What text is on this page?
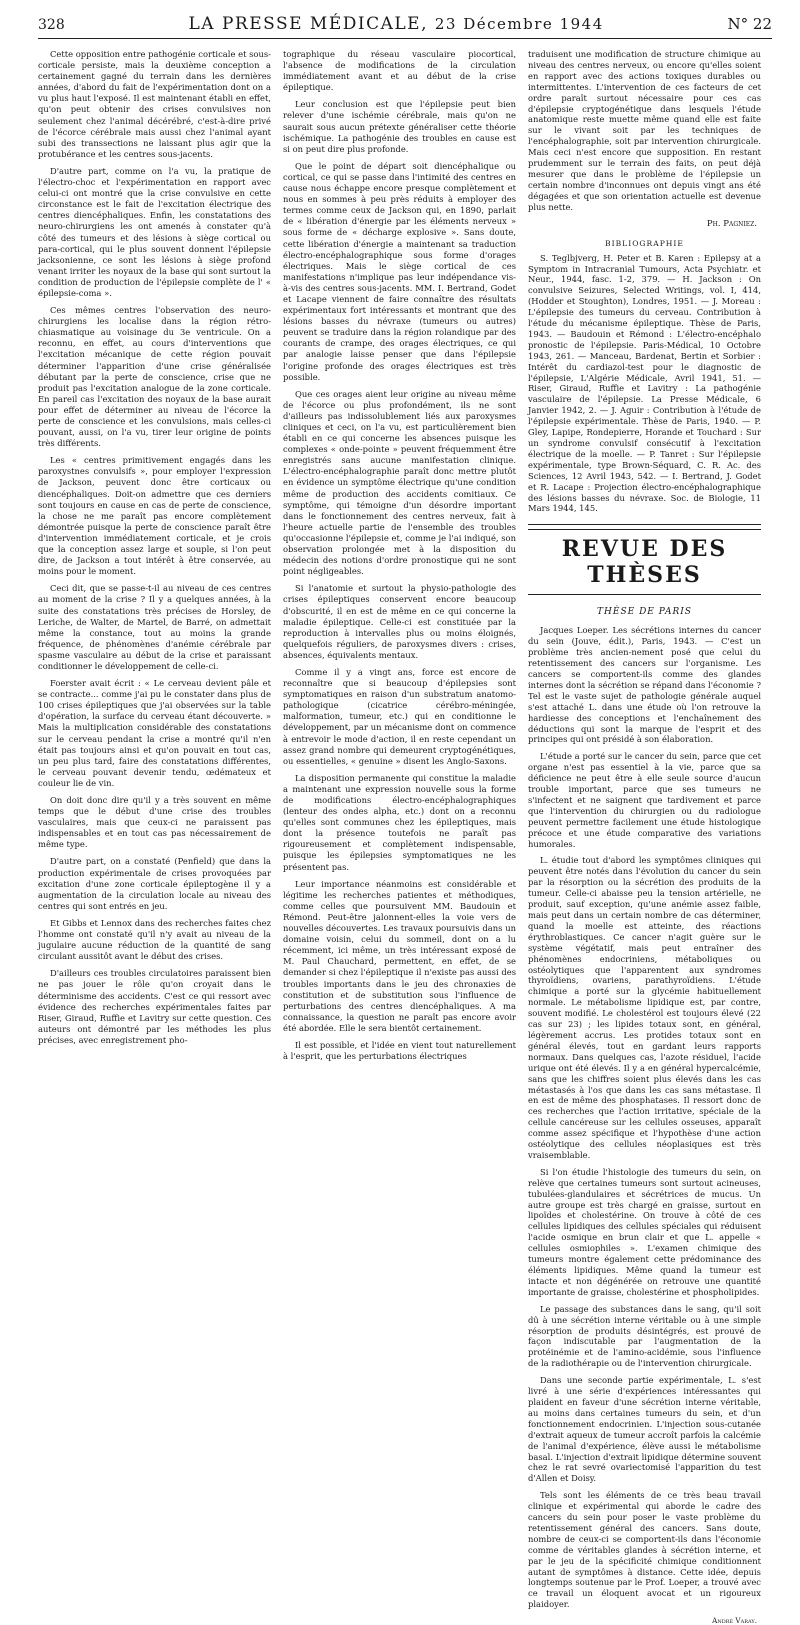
328	LA PRESSE MÉDICALE, 23 Décembre 1944	N° 22

Cette opposition entre pathogénie corticale et sous-corticale persiste, mais la deuxième conception a certainement gagné du terrain dans les dernières années, d'abord du fait de l'expérimentation dont on a vu plus haut l'exposé. Il est maintenant établi en effet, qu'on peut obtenir des crises convulsives non seulement chez l'animal décérébré, c'est-à-dire privé de l'écorce cérébrale mais aussi chez l'animal ayant subi des transsections ne laissant plus agir que la protubérance et les centres sous-jacents.

D'autre part, comme on l'a vu, la pratique de l'électro-choc et l'expérimentation en rapport avec celui-ci ont montré que la crise convulsive en cette circonstance est le fait de l'excitation électrique des centres diencéphaliques. Enfin, les constatations des neuro-chirurgiens les ont amenés à constater qu'à côté des tumeurs et des lésions à siège cortical ou para-cortical, qui le plus souvent donnent l'épilepsie jacksonienne, ce sont les lésions à siège profond venant irriter les noyaux de la base qui sont surtout la condition de production de l'épilepsie complète de l' « épilepsie-coma ».

Ces mêmes centres l'observation des neuro-chirurgiens les localise dans la région rétro-chiasmatique au voisinage du 3e ventricule. On a reconnu, en effet, au cours d'interventions que l'excitation mécanique de cette région pouvait déterminer l'apparition d'une crise généralisée débutant par la perte de conscience, crise que ne produit pas l'excitation analogue de la zone corticale. En pareil cas l'excitation des noyaux de la base aurait pour effet de déterminer au niveau de l'écorce la perte de conscience et les convulsions, mais celles-ci pouvant, aussi, on l'a vu, tirer leur origine de points très différents.

Les « centres primitivement engagés dans les paroxystnes convulsifs », pour employer l'expression de Jackson, peuvent donc être corticaux ou diencéphaliques. Doit-on admettre que ces derniers sont toujours en cause en cas de perte de conscience, la chose ne me paraît pas encore complètement démontrée puisque la perte de conscience paraît être d'intervention immédiatement corticale, et je crois que la conception assez large et souple, si l'on peut dire, de Jackson a tout intérêt à être conservée, au moins pour le moment.

Ceci dit, que se passe-t-il au niveau de ces centres au moment de la crise ? Il y a quelques années, à la suite des constatations très précises de Horsley, de Leriche, de Walter, de Martel, de Barré, on admettait même la constance, tout au moins la grande fréquence, de phénomènes d'anémie cérébrale par spasme vasculaire au début de la crise et paraissant conditionner le développement de celle-ci.

Foerster avait écrit : « Le cerveau devient pâle et se contracte... comme j'ai pu le constater dans plus de 100 crises épileptiques que j'ai observées sur la table d'opération, la surface du cerveau étant découverte. » Mais la multiplication considérable des constatations sur le cerveau pendant la crise a montré qu'il n'en était pas toujours ainsi et qu'on pouvait en tout cas, un peu plus tard, faire des constatations différentes, le cerveau pouvant devenir tendu, œdémateux et couleur lie de vin.

On doit donc dire qu'il y a très souvent en même temps que le début d'une crise des troubles vasculaires, mais que ceux-ci ne paraissent pas indispensables et en tout cas pas nécessairement de même type.

D'autre part, on a constaté (Penfield) que dans la production expérimentale de crises provoquées par excitation d'une zone corticale épileptogène il y a augmentation de la circulation locale au niveau des centres qui sont entrés en jeu.

Et Gibbs et Lennox dans des recherches faites chez l'homme ont constaté qu'il n'y avait au niveau de la jugulaire aucune réduction de la quantité de sang circulant aussitôt avant le début des crises.

D'ailleurs ces troubles circulatoires paraissent bien ne pas jouer le rôle qu'on croyait dans le déterminisme des accidents. C'est ce qui ressort avec évidence des recherches expérimentales faites par Riser, Giraud, Ruffie et Lavitry sur cette question. Ces auteurs ont démontré par les méthodes les plus précises, avec enregistrement pho-

tographique du réseau vasculaire piocortical, l'absence de modifications de la circulation immédiatement avant et au début de la crise épileptique.

Leur conclusion est que l'épilepsie peut bien relever d'une ischémie cérébrale, mais qu'on ne saurait sous aucun prétexte généraliser cette théorie ischémique. La pathogénie des troubles en cause est si on peut dire plus profonde.

Que le point de départ soit diencéphalique ou cortical, ce qui se passe dans l'intimité des centres en cause nous échappe encore presque complètement et nous en sommes à peu près réduits à employer des termes comme ceux de Jackson qui, en 1890, parlait de « libération d'énergie par les éléments nerveux » sous forme de « décharge explosive ». Sans doute, cette libération d'énergie a maintenant sa traduction électro-encéphalographique sous forme d'orages électriques. Mais le siège cortical de ces manifestations n'implique pas leur indépendance vis-à-vis des centres sous-jacents. MM. I. Bertrand, Godet et Lacape viennent de faire connaître des résultats expérimentaux fort intéressants et montrant que des lésions basses du névraxe (tumeurs ou autres) peuvent se traduire dans la région rolandique par des courants de crampe, des orages électriques, ce qui par analogie laisse penser que dans l'épilepsie l'origine profonde des orages électriques est très possible.

Que ces orages aient leur origine au niveau même de l'écorce ou plus profondément, ils ne sont d'ailleurs pas indissolublement liés aux paroxysmes cliniques et ceci, on l'a vu, est particulièrement bien établi en ce qui concerne les absences puisque les complexes « onde-pointe » peuvent fréquemment être enregistrés sans aucune manifestation clinique. L'électro-encéphalographie paraît donc mettre plutôt en évidence un symptôme électrique qu'une condition même de production des accidents comitiaux. Ce symptôme, qui témoigne d'un désordre important dans le fonctionnement des centres nerveux, fait à l'heure actuelle partie de l'ensemble des troubles qu'occasionne l'épilepsie et, comme je l'ai indiqué, son observation prolongée met à la disposition du médecin des notions d'ordre pronostique qui ne sont point négligeables.

Si l'anatomie et surtout la physio-pathologie des crises épileptiques conservent encore beaucoup d'obscurité, il en est de même en ce qui concerne la maladie épileptique. Celle-ci est constituée par la reproduction à intervalles plus ou moins éloignés, quelquefois réguliers, de paroxysmes divers : crises, absences, équivalents mentaux.

Comme il y a vingt ans, force est encore de reconnaître que si beaucoup d'épilepsies sont symptomatiques en raison d'un substratum anatomo-pathologique (cicatrice cérébro-méningée, malformation, tumeur, etc.) qui en conditionne le développement, par un mécanisme dont on commence à entrevoir le mode d'action, il en reste cependant un assez grand nombre qui demeurent cryptogénétiques, ou essentielles, « genuine » disent les Anglo-Saxons.

La disposition permanente qui constitue la maladie a maintenant une expression nouvelle sous la forme de modifications électro-encéphalographiques (lenteur des ondes alpha, etc.) dont on a reconnu qu'elles sont communes chez les épileptiques, mais dont la présence toutefois ne paraît pas rigoureusement et complètement indispensable, puisque les épilepsies symptomatiques ne les présentent pas.

Leur importance néanmoins est considérable et légitime les recherches patientes et méthodiques, comme celles que poursuivent MM. Baudouin et Rémond. Peut-être jalonnent-elles la voie vers de nouvelles découvertes. Les travaux poursuivis dans un domaine voisin, celui du sommeil, dont on a lu récemment, ici même, un très intéressant exposé de M. Paul Chauchard, permettent, en effet, de se demander si chez l'épileptique il n'existe pas aussi des troubles importants dans le jeu des chronaxies de constitution et de substitution sous l'influence de perturbations des centres diencéphaliques. A ma connaissance, la question ne paraît pas encore avoir été abordée. Elle le sera bientôt certainement.

Il est possible, et l'idée en vient tout naturellement à l'esprit, que les perturbations électriques

traduisent une modification de structure chimique au niveau des centres nerveux, ou encore qu'elles soient en rapport avec des actions toxiques durables ou intermittentes. L'intervention de ces facteurs de cet ordre paraît surtout nécessaire pour ces cas d'épilepsie cryptogénétique dans lesquels l'étude anatomique reste muette même quand elle est faite sur le vivant soit par les techniques de l'encéphalographie, soit par intervention chirurgicale. Mais ceci n'est encore que supposition. En restant prudemment sur le terrain des faits, on peut déjà mesurer que dans le problème de l'épilepsie un certain nombre d'inconnues ont depuis vingt ans été dégagées et que son orientation actuelle est devenue plus nette.

Ph. Pagniez.
BIBLIOGRAPHIE

S. Teglbjverg, H. Peter et B. Karen : Epilepsy at a Symptom in Intracranial Tumours, Acta Psychiatr. et Neur., 1944, fasc. 1-2, 379. — H. Jackson : On convulsive Seizures, Selected Writings, vol. I, 414, (Hodder et Stoughton), Londres, 1951. — J. Moreau : L'épilepsie des tumeurs du cerveau. Contribution à l'étude du mécanisme épileptique. Thèse de Paris, 1943. — Baudouin et Rémond : L'électro-encéphalo pronostic de l'épilepsie. Paris-Médical, 10 Octobre 1943, 261. — Manceau, Bardenat, Bertin et Sorbier : Intérêt du cardiazol-test pour le diagnostic de l'épilepsie, L'Algérie Médicale, Avril 1941, 51. — Riser, Giraud, Ruffie et Lavitry : La pathogénie vasculaire de l'épilepsie. La Presse Médicale, 6 Janvier 1942, 2. — J. Aguir : Contribution à l'étude de l'épilepsie expérimentale. Thèse de Paris, 1940. — P. Gley, Lapipe, Rondepierre, Horande et Touchard : Sur un syndrome convulsif consécutif à l'excitation électrique de la moelle. — P. Tanret : Sur l'épilepsie expérimentale, type Brown-Séquard, C. R. Ac. des Sciences, 12 Avril 1943, 542. — I. Bertrand, J. Godet et R. Lacape : Projection électro-encéphalographique des lésions basses du névraxe. Soc. de Biologie, 11 Mars 1944, 145.

REVUE DES THÈSES
THÈSE DE PARIS

Jacques Loeper. Les sécrétions internes du cancer du sein (Jouve, édit.), Paris, 1943. — C'est un problème très ancien-nement posé que celui du retentissement des cancers sur l'organisme. Les cancers se comportent-ils comme des glandes internes dont la sécrétion se répand dans l'économie ? Tel est le vaste sujet de pathologie générale auquel s'est attaché L. dans une étude où l'on retrouve la hardiesse des conceptions et l'enchaînement des déductions qui sont la marque de l'esprit et des principes qui ont présidé à son élaboration.

L'étude a porté sur le cancer du sein, parce que cet organe n'est pas essentiel à la vie, parce que sa déficience ne peut être à elle seule source d'aucun trouble important, parce que ses tumeurs ne s'infectent et ne saignent que tardivement et parce que l'intervention du chirurgien ou du radiologue peuvent permettre facilement une étude histologique précoce et une étude comparative des variations humorales.

L. étudie tout d'abord les symptômes cliniques qui peuvent être notés dans l'évolution du cancer du sein par la résorption ou la sécrétion des produits de la tumeur. Celle-ci abaisse peu la tension artérielle, ne produit, sauf exception, qu'une anémie assez faible, mais peut dans un certain nombre de cas déterminer, quand la moelle est atteinte, des réactions érythroblastiques. Ce cancer n'agit guère sur le système végétatif, mais peut entraîner des phénomènes endocriniens, métaboliques ou ostéolytiques que l'apparentent aux syndromes thyroïdiens, ovariens, parathyroïdiens. L'étude chimique a porté sur la glycémie habituellement normale. Le métabolisme lipidique est, par contre, souvent modifié. Le cholestérol est toujours élevé (22 cas sur 23) ; les lipides totaux sont, en général, légèrement accrus. Les protides totaux sont en général élevés, tout en gardant leurs rapports normaux. Dans quelques cas, l'azote résiduel, l'acide urique ont été élevés. Il y a en général hypercalcémie, sans que les chiffres soient plus élevés dans les cas métastasés à l'os que dans les cas sans métastase. Il en est de même des phosphatases. Il ressort donc de ces recherches que l'action irritative, spéciale de la cellule cancéreuse sur les cellules osseuses, apparaît comme assez spécifique et l'hypothèse d'une action ostéolytique des cellules néoplasiques est très vraisemblable.

Si l'on étudie l'histologie des tumeurs du sein, on relève que certaines tumeurs sont surtout acineuses, tubulées-glandulaires et sécrétrices de mucus. Un autre groupe est très chargé en graisse, surtout en lipoïdes et cholestérine. On trouve à côté de ces cellules lipidiques des cellules spéciales qui réduisent l'acide osmique en brun clair et que L. appelle « cellules osmiophiles ». L'examen chimique des tumeurs montre également cette prédominance des éléments lipidiques. Même quand la tumeur est intacte et non dégénérée on retrouve une quantité importante de graisse, cholestérine et phospholipides.

Le passage des substances dans le sang, qu'il soit dû à une sécrétion interne véritable ou à une simple résorption de produits désintégrés, est prouvé de façon indiscutable par l'augmentation de la protéinémie et de l'amino-acidémie, sous l'influence de la radiothérapie ou de l'intervention chirurgicale.

Dans une seconde partie expérimentale, L. s'est livré à une série d'expériences intéressantes qui plaident en faveur d'une sécrétion interne véritable, au moins dans certaines tumeurs du sein, et d'un fonctionnement endocrinien. L'injection sous-cutanée d'extrait aqueux de tumeur accroît parfois la calcémie de l'animal d'expérience, élève aussi le métabolisme basal. L'injection d'extrait lipidique détermine souvent chez le rat sevré ovariectomisé l'apparition du test d'Allen et Doisy.

Tels sont les éléments de ce très beau travail clinique et expérimental qui aborde le cadre des cancers du sein pour poser le vaste problème du retentissement général des cancers. Sans doute, nombre de ceux-ci se comportent-ils dans l'économie comme de véritables glandes à sécrétion interne, et par le jeu de la spécificité chimique conditionnent autant de symptômes à distance. Cette idée, depuis longtemps soutenue par le Prof. Loeper, a trouvé avec ce travail un éloquent avocat et un rigoureux plaidoyer.

André Varay.
